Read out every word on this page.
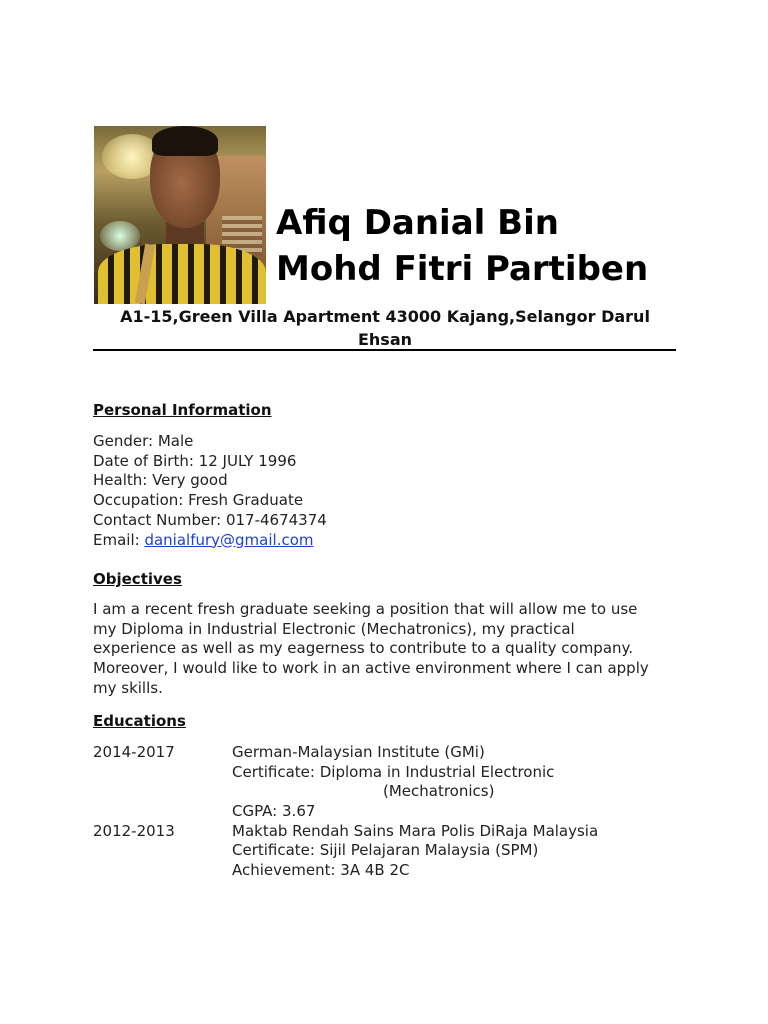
Afiq Danial Bin
Mohd Fitri Partiben
A1-15,Green Villa Apartment 43000 Kajang,Selangor Darul
Ehsan
Personal Information
Gender: Male
Date of Birth: 12 JULY 1996
Health: Very good
Occupation: Fresh Graduate
Contact Number: 017-4674374
Email: danialfury@gmail.com
Objectives
I am a recent fresh graduate seeking a position that will allow me to use
my Diploma in Industrial Electronic (Mechatronics), my practical
experience as well as my eagerness to contribute to a quality company.
Moreover, I would like to work in an active environment where I can apply
my skills.
Educations
2014-2017	German-Malaysian Institute (GMi)
Certificate: Diploma in Industrial Electronic
(Mechatronics)
CGPA: 3.67
2012-2013	Maktab Rendah Sains Mara Polis DiRaja Malaysia
Certificate: Sijil Pelajaran Malaysia (SPM)
Achievement: 3A 4B 2C
